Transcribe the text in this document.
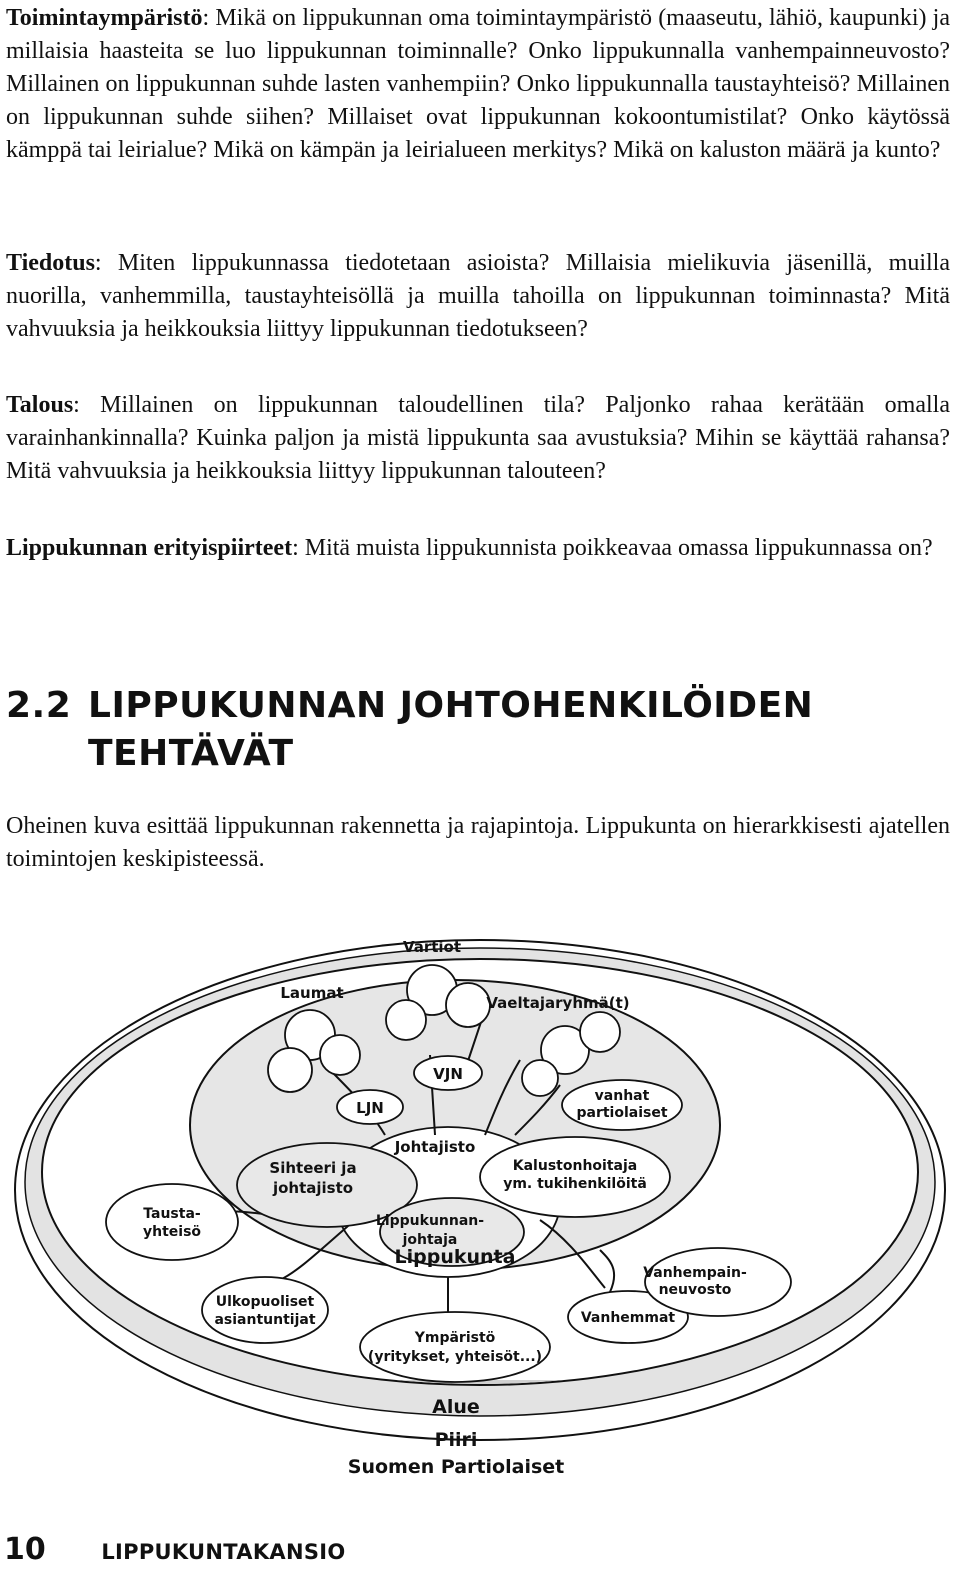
Toimintaympäristö: Mikä on lippukunnan oma toimintaympäristö (maaseutu, lähiö, kaupunki) ja millaisia haasteita se luo lippukunnan toiminnalle? Onko lippukunnalla vanhempainneuvosto? Millainen on lippukunnan suhde lasten vanhempiin? Onko lippukunnalla taustayhteisö? Millainen on lippukunnan suhde siihen? Millaiset ovat lippukunnan kokoontumistilat? Onko käytössä kämppä tai leirialue? Mikä on kämpän ja leirialueen merkitys? Mikä on kaluston määrä ja kunto?

Tiedotus: Miten lippukunnassa tiedotetaan asioista? Millaisia mielikuvia jäsenillä, muilla nuorilla, vanhemmilla, taustayhteisöllä ja muilla tahoilla on lippukunnan toiminnasta? Mitä vahvuuksia ja heikkouksia liittyy lippukunnan tiedotukseen?

Talous: Millainen on lippukunnan taloudellinen tila? Paljonko rahaa kerätään omalla varainhankinnalla? Kuinka paljon ja mistä lippukunta saa avustuksia? Mihin se käyttää rahansa? Mitä vahvuuksia ja heikkouksia liittyy lippukunnan talouteen?

Lippukunnan erityispiirteet: Mitä muista lippukunnista poikkeavaa omassa lippukunnassa on?

2.2 LIPPUKUNNAN JOHTOHENKILÖIDEN
TEHTÄVÄT

Oheinen kuva esittää lippukunnan rakennetta ja rajapintoja. Lippukunta on hierarkkisesti ajatellen toimintojen keskipisteessä.

Vartiot
Laumat
Vaeltajaryhmä(t)
VJN
LJN
vanhat
partiolaiset
Johtajisto
Sihteeri ja
johtajisto
Kalustonhoitaja
ym. tukihenkilöitä
Lippukunnan-
johtaja
Lippukunta
Tausta-
yhteisö
Vanhempain-
neuvosto
Ulkopuoliset
asiantuntijat	Vanhemmat
Ympäristö
(yritykset, yhteisöt...)
Alue
Piiri
Suomen Partiolaiset
10	LIPPUKUNTAKANSIO
